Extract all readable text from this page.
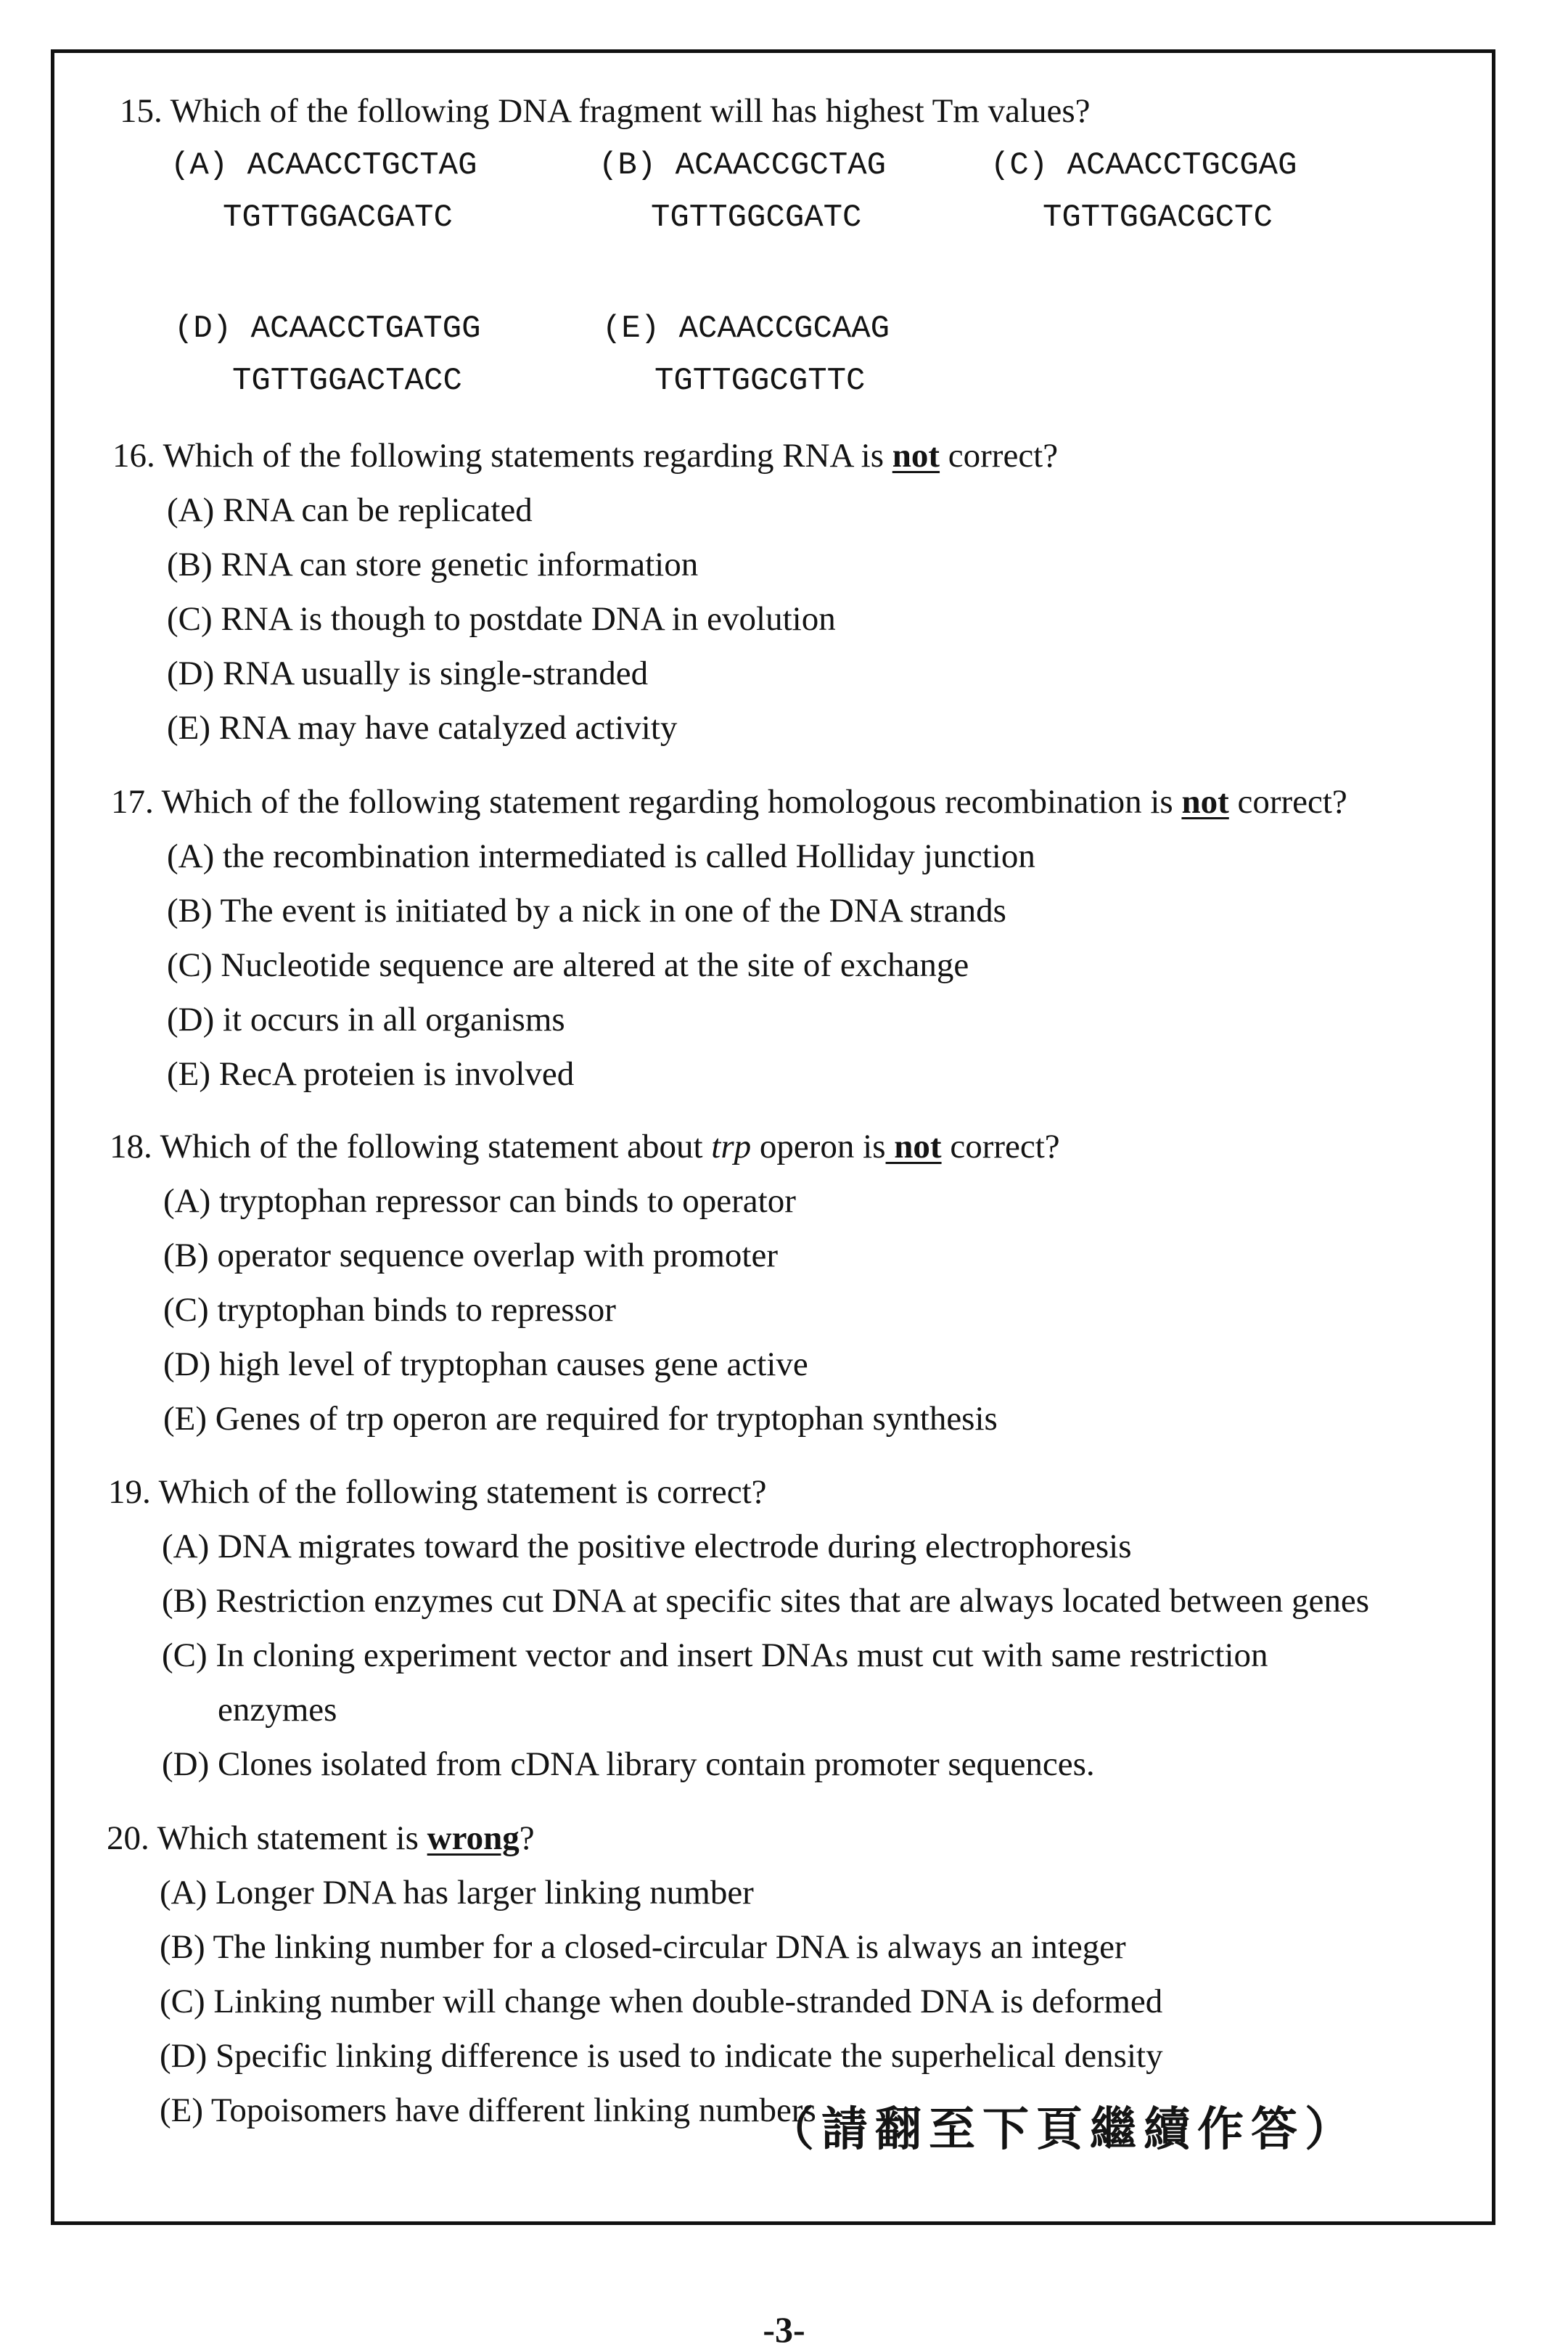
15. Which of the following DNA fragment will has highest Tm values?
(A) ACAACCTGCTAG
TGTTGGACGATC
(B) ACAACCGCTAG
TGTTGGCGATC
(C) ACAACCTGCGAG
TGTTGGACGCTC
(D) ACAACCTGATGG
TGTTGGACTACC
(E) ACAACCGCAAG
TGTTGGCGTTC
16. Which of the following statements regarding RNA is not correct?
(A) RNA can be replicated
(B) RNA can store genetic information
(C) RNA is though to postdate DNA in evolution
(D) RNA usually is single-stranded
(E) RNA may have catalyzed activity
17. Which of the following statement regarding homologous recombination is not correct?
(A) the recombination intermediated is called Holliday junction
(B) The event is initiated by a nick in one of the DNA strands
(C) Nucleotide sequence are altered at the site of exchange
(D) it occurs in all organisms
(E) RecA proteien is involved
18. Which of the following statement about trp operon is not correct?
(A) tryptophan repressor can binds to operator
(B) operator sequence overlap with promoter
(C) tryptophan binds to repressor
(D) high level of tryptophan causes gene active
(E) Genes of trp operon are required for tryptophan synthesis
19. Which of the following statement is correct?
(A) DNA migrates toward the positive electrode during electrophoresis
(B) Restriction enzymes cut DNA at specific sites that are always located between genes
(C) In cloning experiment vector and insert DNAs must cut with same restriction
enzymes
(D) Clones isolated from cDNA library contain promoter sequences.
20. Which statement is wrong?
(A) Longer DNA has larger linking number
(B) The linking number for a closed-circular DNA is always an integer
(C) Linking number will change when double-stranded DNA is deformed
(D) Specific linking difference is used to indicate the superhelical density
(E) Topoisomers have different linking numbers
（請翻至下頁繼續作答）
-3-
